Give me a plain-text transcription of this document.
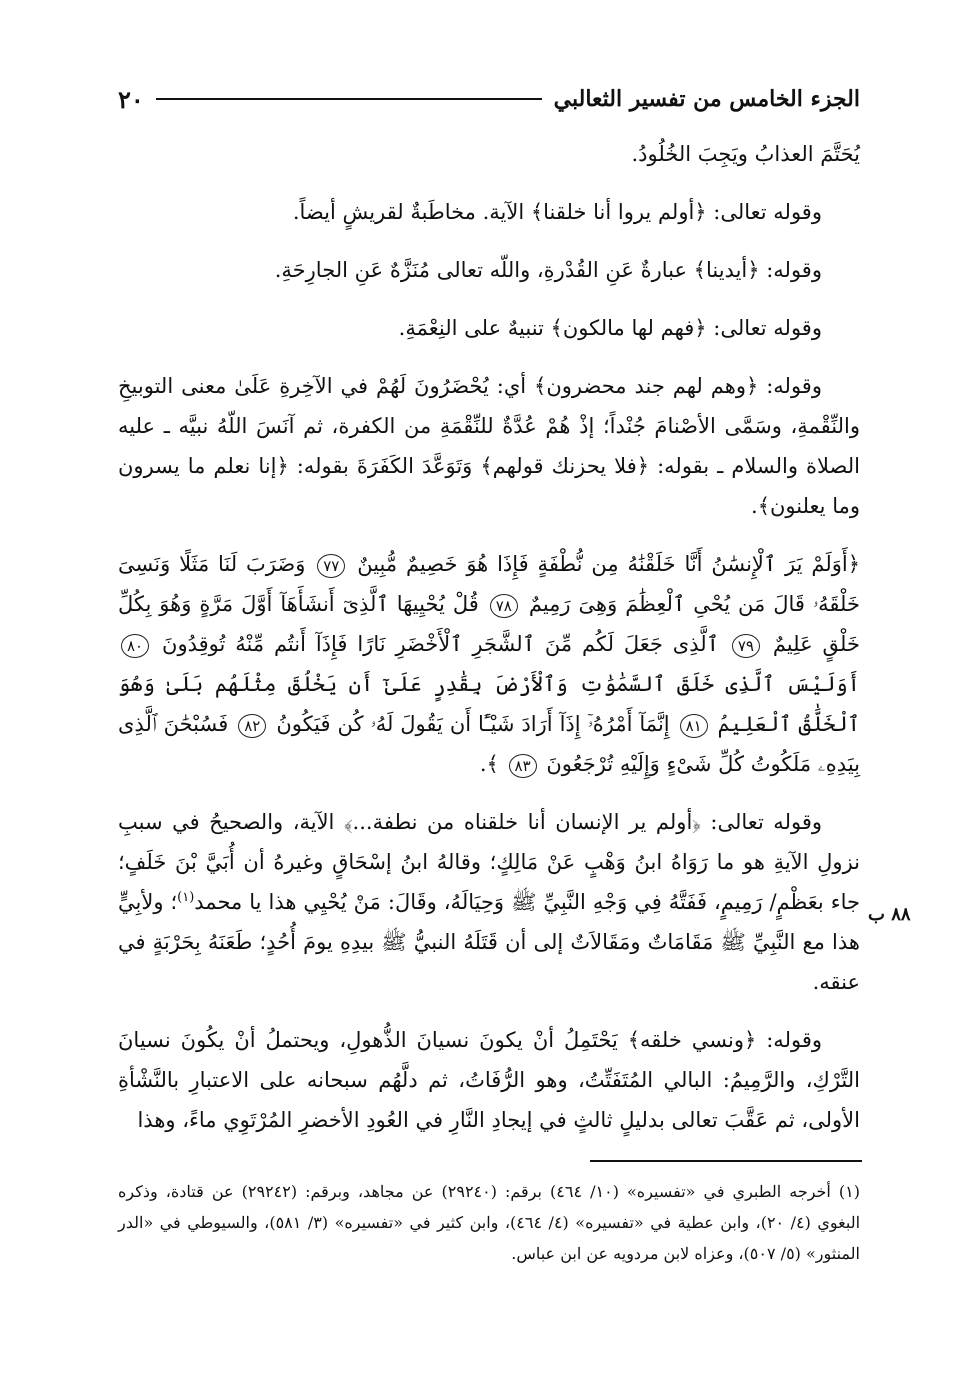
٢٠	الجزء الخامس من تفسير الثعالبي

يُحَتَّمَ العذابُ ويَجِبَ الخُلُودُ.

وقوله تعالى: ﴿أولم يروا أنا خلقنا﴾ الآية. مخاطَبةٌ لقريشٍ أيضاً.

وقوله: ﴿أيدينا﴾ عبارةٌ عَنِ القُدْرةِ، واللّه تعالى مُنَزَّهٌ عَنِ الجارِحَةِ.

وقوله تعالى: ﴿فهم لها مالكون﴾ تنبيهٌ على النِعْمَةِ.

وقوله: ﴿وهم لهم جند محضرون﴾ أي: يُحْضَرُونَ لَهُمْ في الآخِرةِ عَلَىٰ معنى التوبيخِ والنِّقْمةِ، وسَمَّى الأصْنامَ جُنْداً؛ إذْ هُمْ عُدَّةٌ للنِّقْمَةِ من الكفرة، ثم آنَسَ اللّهُ نبيَّه ـ عليه الصلاة والسلام ـ بقوله: ﴿فلا يحزنك قولهم﴾ وَتَوَعَّدَ الكَفَرَةَ بقوله: ﴿إنا نعلم ما يسرون وما يعلنون﴾.

﴿أَوَلَمْ يَرَ ٱلْإِنسَٰنُ أَنَّا خَلَقْنَٰهُ مِن نُّطْفَةٍ فَإِذَا هُوَ خَصِيمٌ مُّبِينٌ ٧٧ وَضَرَبَ لَنَا مَثَلًا وَنَسِىَ خَلْقَهُۥ قَالَ مَن يُحْىِ ٱلْعِظَٰمَ وَهِىَ رَمِيمٌ ٧٨ قُلْ يُحْيِيهَا ٱلَّذِىٓ أَنشَأَهَآ أَوَّلَ مَرَّةٍ وَهُوَ بِكُلِّ خَلْقٍ عَلِيمٌ ٧٩ ٱلَّذِى جَعَلَ لَكُم مِّنَ ٱلشَّجَرِ ٱلْأَخْضَرِ نَارًا فَإِذَآ أَنتُم مِّنْهُ تُوقِدُونَ ٨٠ أَوَلَيْسَ ٱلَّذِى خَلَقَ ٱلسَّمَٰوَٰتِ وَٱلْأَرْضَ بِقَٰدِرٍ عَلَىٰٓ أَن يَخْلُقَ مِثْلَهُم بَلَىٰ وَهُوَ ٱلْخَلَّٰقُ ٱلْعَلِيمُ ٨١ إِنَّمَآ أَمْرُهُۥٓ إِذَآ أَرَادَ شَيْـًٔا أَن يَقُولَ لَهُۥ كُن فَيَكُونُ ٨٢ فَسُبْحَٰنَ ٱلَّذِى بِيَدِهِۦ مَلَكُوتُ كُلِّ شَىْءٍ وَإِلَيْهِ تُرْجَعُونَ ٨٣ ﴾.

وقوله تعالى: ﴿أولم ير الإنسان أنا خلقناه من نطفة...﴾ الآية، والصحيحُ في سببِ نزولِ الآيةِ هو ما رَوَاهُ ابنُ وَهْبٍ عَنْ مَالِكٍ؛ وقالهُ ابنُ إسْحَاقٍ وغيرهُ أن أُبَيَّ بْنَ خَلَفٍ؛ جاء بعَظْمٍ/ رَمِيمٍ، فَفَتَّهُ فِي وَجْهِ النَّبِيِّ ﷺ وَحِيَالَهُ، وقَالَ: مَنْ يُحْيِي هذا يا محمد$^{(١)}$؛ ولأبِيٍّ هذا مع النَّبِيِّ ﷺ مَقَامَاتٌ ومَقَالاَتٌ إلى أن قَتَلَهُ النبيُّ ﷺ بيدِهِ يومَ أُحُدٍ؛ طَعَنَهُ بِحَرْبَةٍ في عنقه.

وقوله: ﴿ونسي خلقه﴾ يَحْتَمِلُ أنْ يكونَ نسيانَ الذُّهولِ، ويحتملُ أنْ يكُونَ نسيانَ التَّرْكِ، والرَّمِيمُ: البالي المُتَفَتِّتُ، وهو الرُّفَاتُ، ثم دلَّهُم سبحانه على الاعتبارِ بالنَّشْأةِ الأولى، ثم عَقَّبَ تعالى بدليلٍ ثالثٍ في إيجادِ النَّارِ في العُودِ الأخضرِ المُرْتَوِي ماءً، وهذا

٨٨ ب

(١) أخرجه الطبري في «تفسيره» (١٠/ ٤٦٤) برقم: (٢٩٢٤٠) عن مجاهد، وبرقم: (٢٩٢٤٢) عن قتادة، وذكره البغوي (٤/ ٢٠)، وابن عطية في «تفسيره» (٤/ ٤٦٤)، وابن كثير في «تفسيره» (٣/ ٥٨١)، والسيوطي في «الدر المنثور» (٥/ ٥٠٧)، وعزاه لابن مردويه عن ابن عباس.
